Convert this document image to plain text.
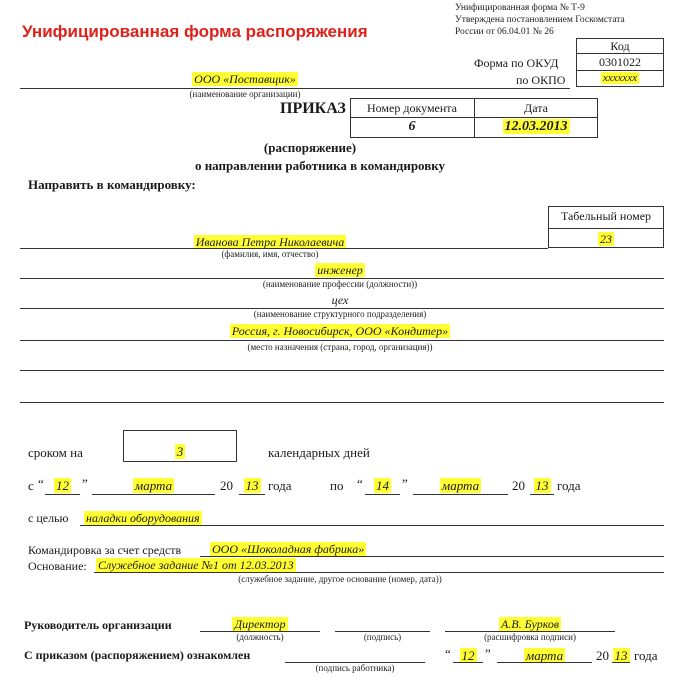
Унифицированная форма распоряжения
Унифицированная форма № Т-9
Утверждена постановлением Госкомстата
России от 06.04.01 № 26
Код
Форма по ОКУД	0301022
по ОКПО	xxxxxxx
ООО «Поставщик»
(наименование организации)
ПРИКАЗ	Номер документа	Дата
6	12.03.2013
(распоряжение)
о направлении работника в командировку
Направить в командировку:
Табельный номер
23
Иванова Петра Николаевича
(фамилия, имя, отчество)
инженер
(наименование профессии (должности))
цех
(наименование структурного подразделения)
Россия, г. Новосибирск, ООО «Кондитер»
(место назначения (страна, город, организация))
сроком на	3	календарных дней
с “ 12	”	марта	20 13 года	по “	14	”	марта	20 13 года
с целью наладки оборудования
Командировка за счет средств	ООО «Шоколадная фабрика»
Основание: Служебное задание №1 от 12.03.2013
(служебное задание, другое основание (номер, дата))
Руководитель организации	Директор
(должность)	(подпись)
А.В. Бурков
(расшифровка подписи)
С приказом (распоряжением) ознакомлен
(подпись работника)
“ 12 ”	марта	20 13 года
